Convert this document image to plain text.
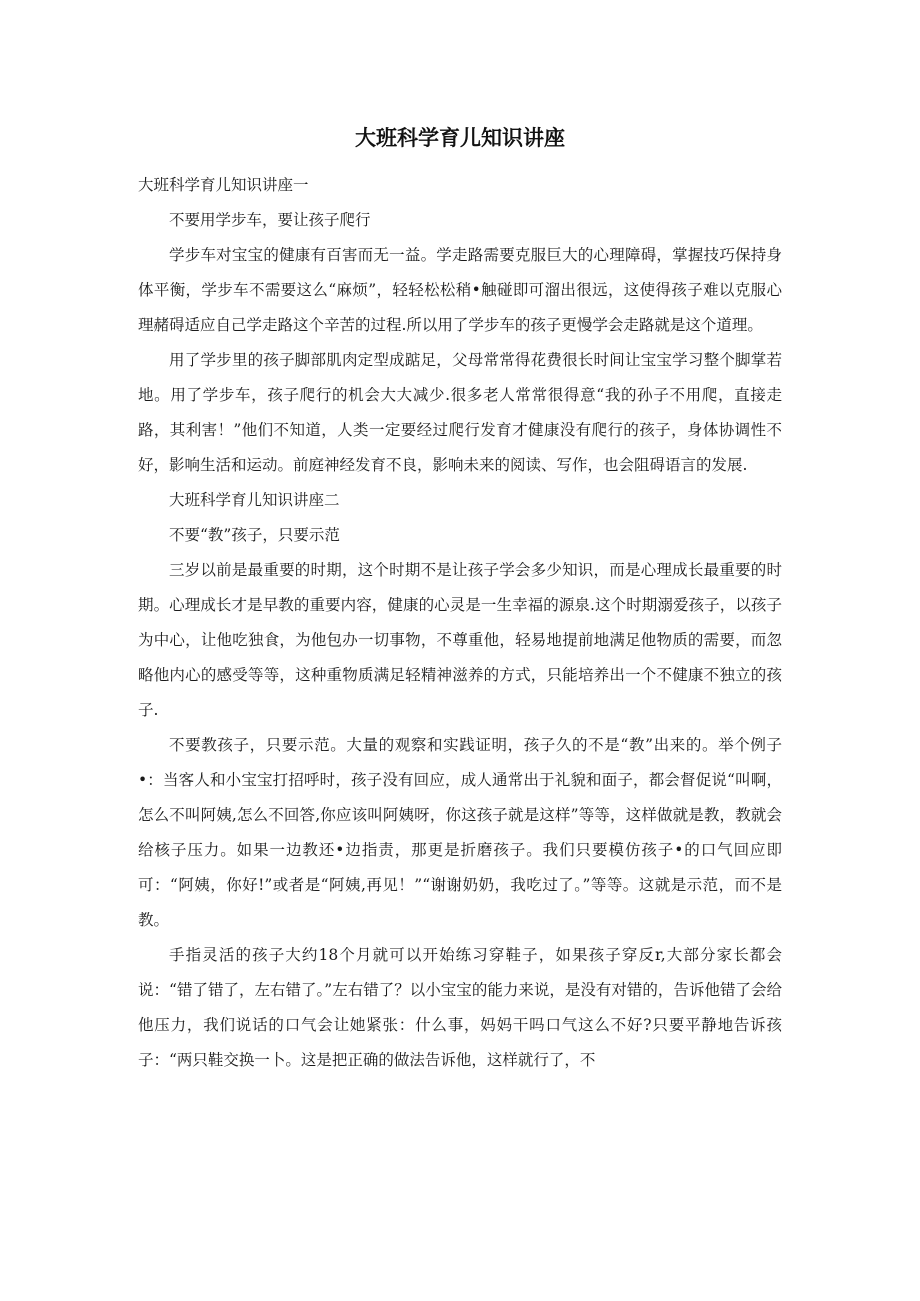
大班科学育儿知识讲座

大班科学育儿知识讲座一

不要用学步车，要让孩子爬行

学步车对宝宝的健康有百害而无一益。学走路需要克服巨大的心理障碍，掌握技巧保持身体平衡，学步车不需要这么“麻烦”，轻轻松松稍•触碰即可溜出很远，这使得孩子难以克服心理赭碍适应自己学走路这个辛苦的过程.所以用了学步车的孩子更慢学会走路就是这个道理。

用了学步里的孩子脚部肌肉定型成踮足，父母常常得花费很长时间让宝宝学习整个脚掌若地。用了学步车，孩子爬行的机会大大减少.很多老人常常很得意“我的孙子不用爬，直接走路，其利害！”他们不知道，人类一定要经过爬行发育才健康没有爬行的孩子，身体协调性不好，影响生活和运动。前庭神经发育不良，影响未来的阅读、写作，也会阻碍语言的发展.

大班科学育儿知识讲座二

不要“教”孩子，只要示范

三岁以前是最重要的时期，这个时期不是让孩子学会多少知识，而是心理成长最重要的时期。心理成长才是早教的重要内容，健康的心灵是一生幸福的源泉.这个时期溺爱孩子，以孩子为中心，让他吃独食，为他包办一切事物，不尊重他，轻易地提前地满足他物质的需要，而忽略他内心的感受等等，这种重物质满足轻精神滋养的方式，只能培养出一个不健康不独立的孩子.

不要教孩子，只要示范。大量的观察和实践证明，孩子久的不是“教”出来的。举个例子•：当客人和小宝宝打招呼时，孩子没有回应，成人通常出于礼貌和面子，都会督促说“叫啊，怎么不叫阿姨,怎么不回答,你应该叫阿姨呀，你这孩子就是这样”等等，这样做就是教，教就会给核子压力。如果一边教还•边指责，那更是折磨孩子。我们只要模仿孩子•的口气回应即可：“阿姨，你好!”或者是“阿姨,再见！”“谢谢奶奶，我吃过了。”等等。这就是示范，而不是教。

手指灵活的孩子大约18个月就可以开始练习穿鞋子，如果孩子穿反r,大部分家长都会说：“错了错了，左右错了。”左右错了？以小宝宝的能力来说，是没有对错的，告诉他错了会给他压力，我们说话的口气会让她紧张：什么事，妈妈干吗口气这么不好?只要平静地告诉孩子：“两只鞋交换一卜。这是把正确的做法告诉他，这样就行了，不
